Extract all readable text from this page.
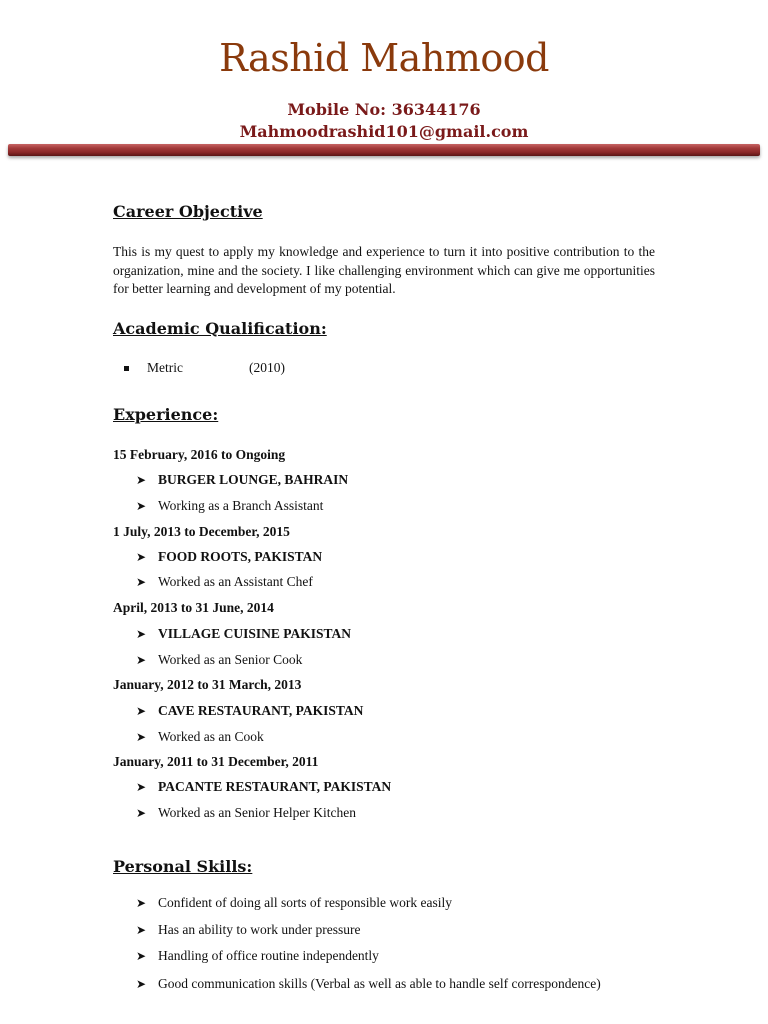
Rashid Mahmood
Mobile No: 36344176
Mahmoodrashid101@gmail.com
Career Objective
This is my quest to apply my knowledge and experience to turn it into positive contribution to the organization, mine and the society. I like challenging environment which can give me opportunities for better learning and development of my potential.
Academic Qualification:
Metric	(2010)
Experience:
15 February, 2016 to Ongoing
➤ BURGER LOUNGE, BAHRAIN
➤ Working as a Branch Assistant
1 July, 2013 to December, 2015
➤ FOOD ROOTS, PAKISTAN
➤ Worked as an Assistant Chef
April, 2013 to 31 June, 2014
➤ VILLAGE CUISINE PAKISTAN
➤ Worked as an Senior Cook
January, 2012 to 31 March, 2013
➤ CAVE RESTAURANT, PAKISTAN
➤ Worked as an Cook
January, 2011 to 31 December, 2011
➤ PACANTE RESTAURANT, PAKISTAN
➤ Worked as an Senior Helper Kitchen
Personal Skills:
➤ Confident of doing all sorts of responsible work easily
➤ Has an ability to work under pressure
➤ Handling of office routine independently
➤ Good communication skills (Verbal as well as able to handle self correspondence)
